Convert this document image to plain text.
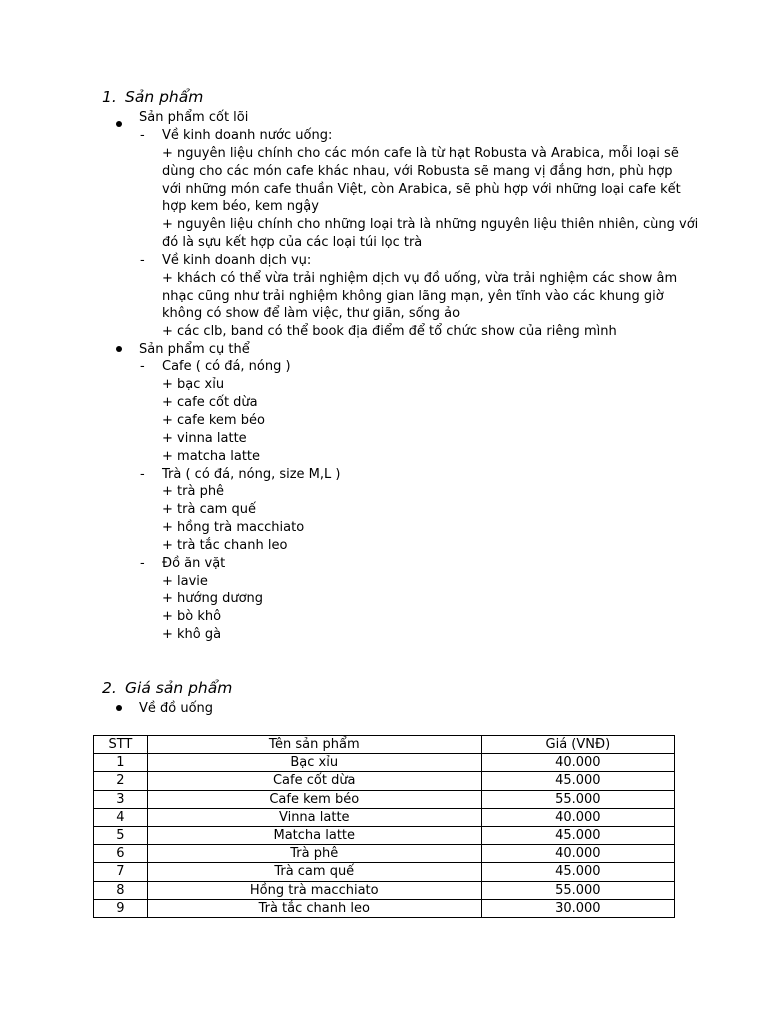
1. Sản phẩm
Sản phẩm cốt lõi
- Về kinh doanh nước uống:
+ nguyên liệu chính cho các món cafe là từ hạt Robusta và Arabica, mỗi loại sẽ
dùng cho các món cafe khác nhau, với Robusta sẽ mang vị đắng hơn, phù hợp
với những món cafe thuần Việt, còn Arabica, sẽ phù hợp với những loại cafe kết
hợp kem béo, kem ngậy
+ nguyên liệu chính cho những loại trà là những nguyên liệu thiên nhiên, cùng với
đó là sựu kết hợp của các loại túi lọc trà
- Về kinh doanh dịch vụ:
+ khách có thể vừa trải nghiệm dịch vụ đồ uống, vừa trải nghiệm các show âm
nhạc cũng như trải nghiệm không gian lãng mạn, yên tĩnh vào các khung giờ
không có show để làm việc, thư giãn, sống ảo
+ các clb, band có thể book địa điểm để tổ chức show của riêng mình
Sản phẩm cụ thể
- Cafe ( có đá, nóng )
+ bạc xỉu
+ cafe cốt dừa
+ cafe kem béo
+ vinna latte
+ matcha latte
- Trà ( có đá, nóng, size M,L )
+ trà phê
+ trà cam quế
+ hồng trà macchiato
+ trà tắc chanh leo
- Đồ ăn vặt
+ lavie
+ hướng dương
+ bò khô
+ khô gà
2. Giá sản phẩm
Về đồ uống
STT	Tên sản phẩm	Giá (VNĐ)
1	Bạc xỉu	40.000
2	Cafe cốt dừa	45.000
3	Cafe kem béo	55.000
4	Vinna latte	40.000
5	Matcha latte	45.000
6	Trà phê	40.000
7	Trà cam quế	45.000
8	Hồng trà macchiato	55.000
9	Trà tắc chanh leo	30.000
